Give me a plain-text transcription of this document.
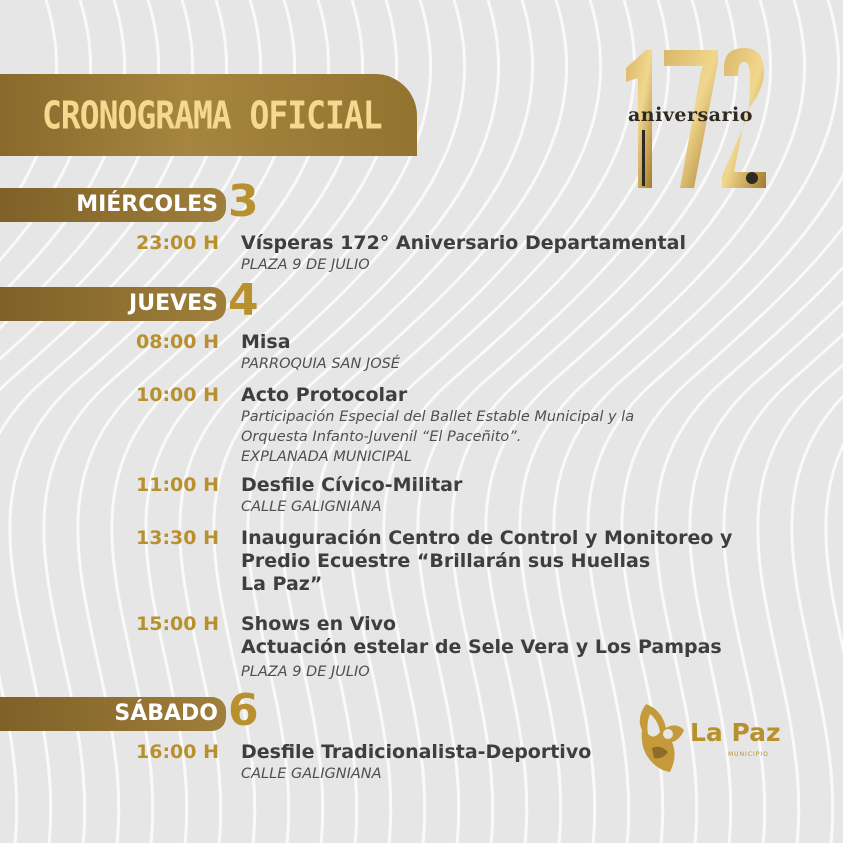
CRONOGRAMA OFICIAL	aniversario
MIÉRCOLES 3
23:00 H Vísperas 172° Aniversario Departamental
PLAZA 9 DE JULIO
JUEVES 4
08:00 H Misa
PARROQUIA SAN JOSÉ
10:00 H Acto Protocolar
Participación Especial del Ballet Estable Municipal y la
Orquesta Infanto-Juvenil “El Paceñito”.
EXPLANADA MUNICIPAL
11:00 H Desfile Cívico-Militar
CALLE GALIGNIANA
13:30 H Inauguración Centro de Control y Monitoreo y
Predio Ecuestre “Brillarán sus Huellas
La Paz”
15:00 H Shows en Vivo
Actuación estelar de Sele Vera y Los Pampas
PLAZA 9 DE JULIO
SÁBADO 6
16:00 H Desfile Tradicionalista-Deportivo
CALLE GALIGNIANA
La Paz
MUNICIPIO
